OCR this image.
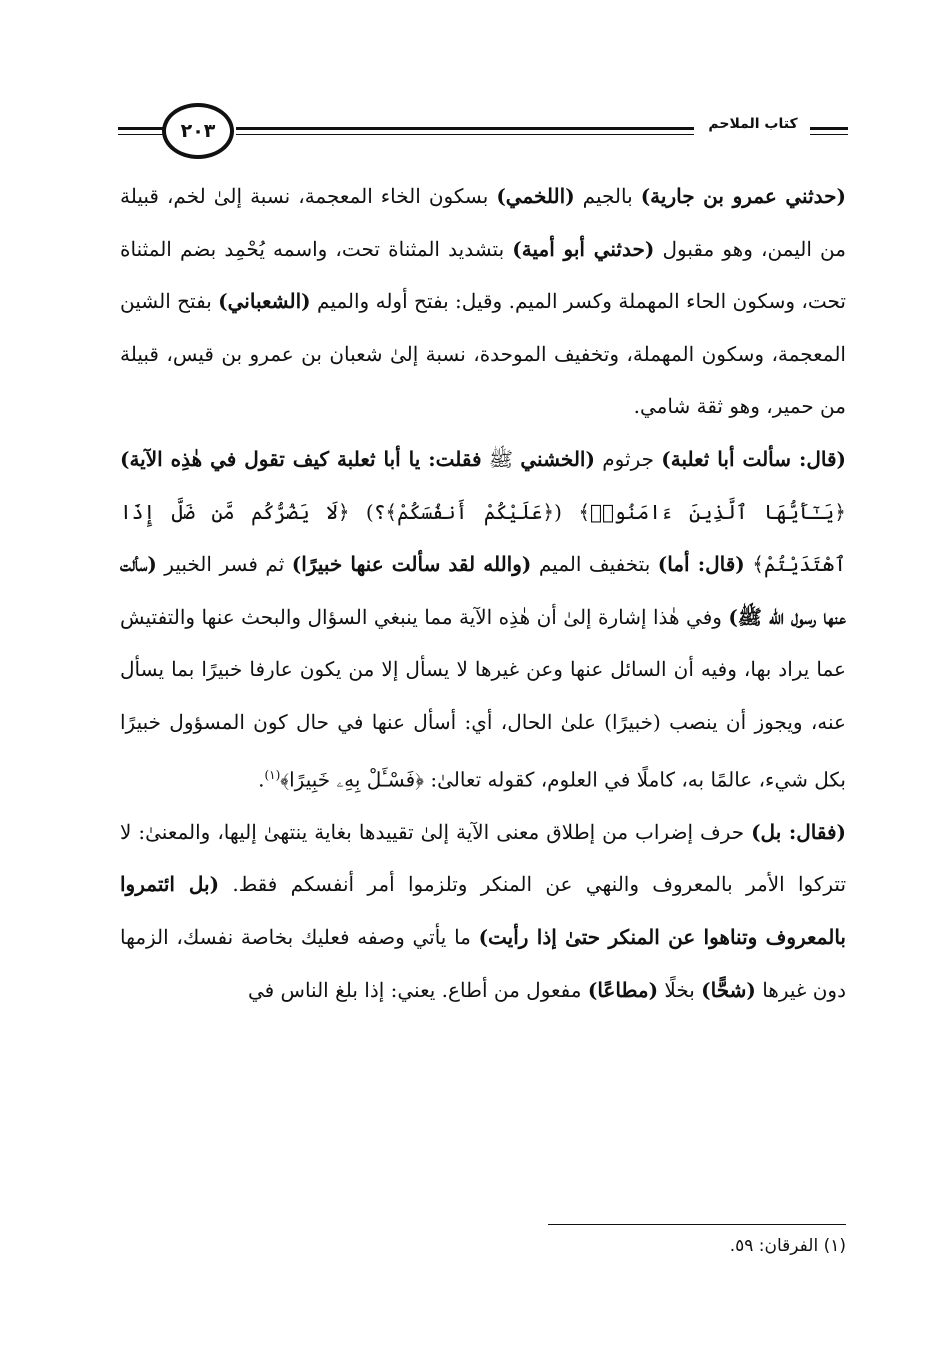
٢٠٣	كتاب الملاحم

(حدثني عمرو بن جارية) بالجيم (اللخمي) بسكون الخاء المعجمة، نسبة إلىٰ لخم، قبيلة من اليمن، وهو مقبول (حدثني أبو أمية) بتشديد المثناة تحت، واسمه يُحْمِد بضم المثناة تحت، وسكون الحاء المهملة وكسر الميم. وقيل: بفتح أوله والميم (الشعباني) بفتح الشين المعجمة، وسكون المهملة، وتخفيف الموحدة، نسبة إلىٰ شعبان بن عمرو بن قيس، قبيلة من حمير، وهو ثقة شامي.

(قال: سألت أبا ثعلبة) جرثوم (الخشني ﷺ فقلت: يا أبا ثعلبة كيف تقول في هٰذِه الآية) ﴿يَـٰٓأَيُّهَا ٱلَّذِينَ ءَامَنُوا۟﴾ (﴿عَلَيْكُمْ أَنفُسَكُمْ﴾؟) ﴿لَا يَضُرُّكُم مَّن ضَلَّ إِذَا ٱهْتَدَيْتُمْ﴾ (قال: أما) بتخفيف الميم (والله لقد سألت عنها خبيرًا) ثم فسر الخبير (سألت عنها رسول الله ﷺ) وفي هٰذا إشارة إلىٰ أن هٰذِه الآية مما ينبغي السؤال والبحث عنها والتفتيش عما يراد بها، وفيه أن السائل عنها وعن غيرها لا يسأل إلا من يكون عارفا خبيرًا بما يسأل عنه، ويجوز أن ينصب (خبيرًا) علىٰ الحال، أي: أسأل عنها في حال كون المسؤول خبيرًا بكل شيء، عالمًا به، كاملًا في العلوم، كقوله تعالىٰ: ﴿فَسْـَٔلْ بِهِۦ خَبِيرًا﴾$^{(١)}$.

(فقال: بل) حرف إضراب من إطلاق معنى الآية إلىٰ تقييدها بغاية ينتهىٰ إليها، والمعنىٰ: لا تتركوا الأمر بالمعروف والنهي عن المنكر وتلزموا أمر أنفسكم فقط. (بل ائتمروا بالمعروف وتناهوا عن المنكر حتىٰ إذا رأيت) ما يأتي وصفه فعليك بخاصة نفسك، الزمها دون غيرها (شحًّا) بخلًا (مطاعًا) مفعول من أطاع. يعني: إذا بلغ الناس في

(١) الفرقان: ٥٩.
